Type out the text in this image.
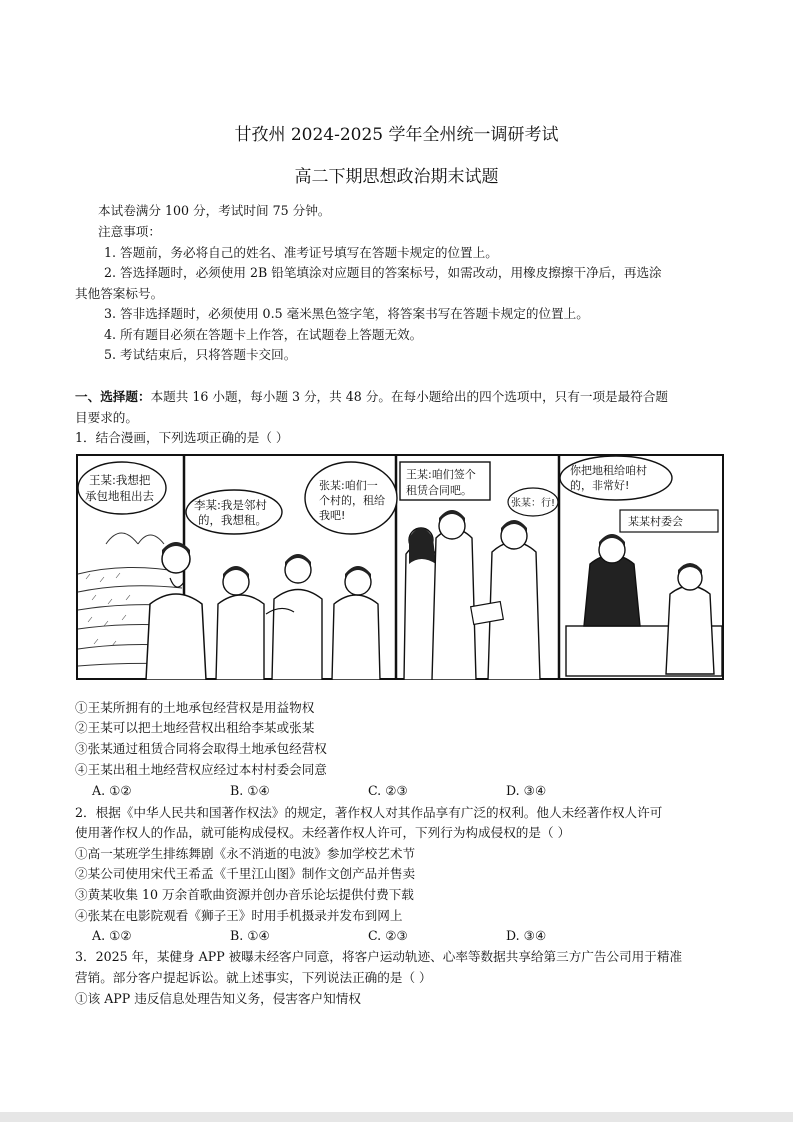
甘孜州 2024-2025 学年全州统一调研考试
高二下期思想政治期末试题
本试卷满分 100 分，考试时间 75 分钟。
注意事项：
1. 答题前，务必将自己的姓名、准考证号填写在答题卡规定的位置上。
2. 答选择题时，必须使用 2B 铅笔填涂对应题目的答案标号，如需改动，用橡皮擦擦干净后，再选涂
其他答案标号。
3. 答非选择题时，必须使用 0.5 毫米黑色签字笔，将答案书写在答题卡规定的位置上。
4. 所有题目必须在答题卡上作答，在试题卷上答题无效。
5. 考试结束后，只将答题卡交回。
一、选择题：本题共 16 小题，每小题 3 分，共 48 分。在每小题给出的四个选项中，只有一项是最符合题
目要求的。
1．结合漫画，下列选项正确的是（ ）
王某:我想把
承包地租出去
李某:我是邻村
的，我想租。
张某:咱们一
个村的，租给
我吧!
王某:咱们签个
租赁合同吧。
张某：行!
某某村委会
你把地租给咱村
的，非常好!
①王某所拥有的土地承包经营权是用益物权
②王某可以把土地经营权出租给李某或张某
③张某通过租赁合同将会取得土地承包经营权
④王某出租土地经营权应经过本村村委会同意
A. ①②	B. ①④	C. ②③	D. ③④
2．根据《中华人民共和国著作权法》的规定，著作权人对其作品享有广泛的权利。他人未经著作权人许可
使用著作权人的作品，就可能构成侵权。未经著作权人许可，下列行为构成侵权的是（ ）
①高一某班学生排练舞剧《永不消逝的电波》参加学校艺术节
②某公司使用宋代王希孟《千里江山图》制作文创产品并售卖
③黄某收集 10 万余首歌曲资源并创办音乐论坛提供付费下载
④张某在电影院观看《狮子王》时用手机摄录并发布到网上
A. ①②	B. ①④	C. ②③	D. ③④
3．2025 年，某健身 APP 被曝未经客户同意，将客户运动轨迹、心率等数据共享给第三方广告公司用于精准
营销。部分客户提起诉讼。就上述事实，下列说法正确的是（ ）
①该 APP 违反信息处理告知义务，侵害客户知情权
